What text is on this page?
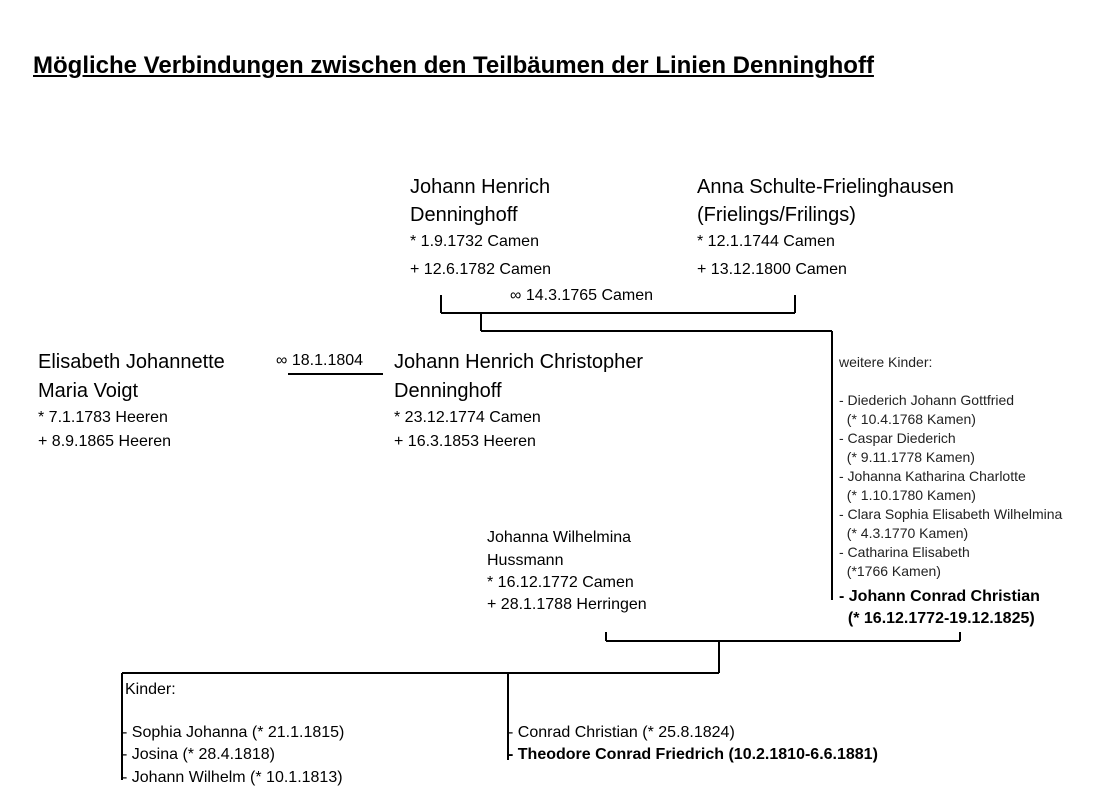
Mögliche Verbindungen zwischen den Teilbäumen der Linien Denninghoff
Johann Henrich
Denninghoff
* 1.9.1732 Camen
+ 12.6.1782 Camen
Anna Schulte-Frielinghausen
(Frielings/Frilings)
* 12.1.1744 Camen
+ 13.12.1800 Camen
∞ 14.3.1765 Camen
Elisabeth Johannette
Maria Voigt
* 7.1.1783 Heeren
+ 8.9.1865 Heeren
∞ 18.1.1804 Johann Henrich Christopher
Denninghoff
* 23.12.1774 Camen
+ 16.3.1853 Heeren
weitere Kinder:
- Diederich Johann Gottfried
(* 10.4.1768 Kamen)
- Caspar Diederich
(* 9.11.1778 Kamen)
- Johanna Katharina Charlotte
(* 1.10.1780 Kamen)
- Clara Sophia Elisabeth Wilhelmina
(* 4.3.1770 Kamen)
- Catharina Elisabeth
(*1766 Kamen)
- Johann Conrad Christian
(* 16.12.1772-19.12.1825)
Johanna Wilhelmina
Hussmann
* 16.12.1772 Camen
+ 28.1.1788 Herringen
Kinder:
- Sophia Johanna (* 21.1.1815)
- Josina (* 28.4.1818)
- Johann Wilhelm (* 10.1.1813)
- Conrad Christian (* 25.8.1824)
- Theodore Conrad Friedrich (10.2.1810-6.6.1881)
